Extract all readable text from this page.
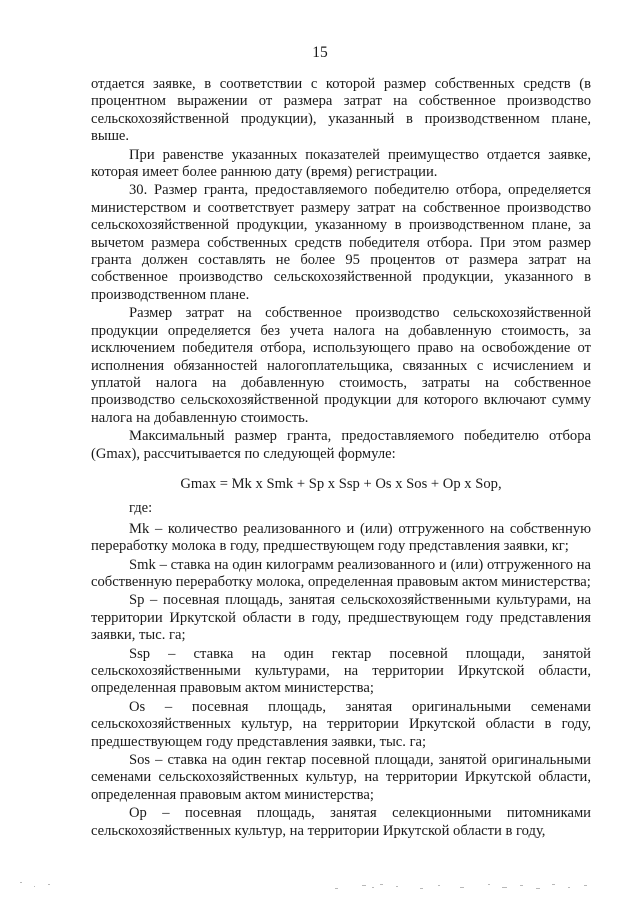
15

отдается заявке, в соответствии с которой размер собственных средств (в процентном выражении от размера затрат на собственное производство сельскохозяйственной продукции), указанный в производственном плане, выше.

При равенстве указанных показателей преимущество отдается заявке, которая имеет более раннюю дату (время) регистрации.

30. Размер гранта, предоставляемого победителю отбора, определяется министерством и соответствует размеру затрат на собственное производство сельскохозяйственной продукции, указанному в производственном плане, за вычетом размера собственных средств победителя отбора. При этом размер гранта должен составлять не более 95 процентов от размера затрат на собственное производство сельскохозяйственной продукции, указанного в производственном плане.

Размер затрат на собственное производство сельскохозяйственной продукции определяется без учета налога на добавленную стоимость, за исключением победителя отбора, использующего право на освобождение от исполнения обязанностей налогоплательщика, связанных с исчислением и уплатой налога на добавленную стоимость, затраты на собственное производство сельскохозяйственной продукции для которого включают сумму налога на добавленную стоимость.

Максимальный размер гранта, предоставляемого победителю отбора (Gmax), рассчитывается по следующей формуле:

Gmax = Mk x Smk + Sp x Ssp + Os x Sos + Op x Sop,

где:

Mk – количество реализованного и (или) отгруженного на собственную переработку молока в году, предшествующем году представления заявки, кг;

Smk – ставка на один килограмм реализованного и (или) отгруженного на собственную переработку молока, определенная правовым актом министерства;

Sp – посевная площадь, занятая сельскохозяйственными культурами, на территории Иркутской области в году, предшествующем году представления заявки, тыс. га;

Ssp – ставка на один гектар посевной площади, занятой сельскохозяйственными культурами, на территории Иркутской области, определенная правовым актом министерства;

Os – посевная площадь, занятая оригинальными семенами сельскохозяйственных культур, на территории Иркутской области в году, предшествующем году представления заявки, тыс. га;

Sos – ставка на один гектар посевной площади, занятой оригинальными семенами сельскохозяйственных культур, на территории Иркутской области, определенная правовым актом министерства;

Op – посевная площадь, занятая селекционными питомниками сельскохозяйственных культур, на территории Иркутской области в году,
